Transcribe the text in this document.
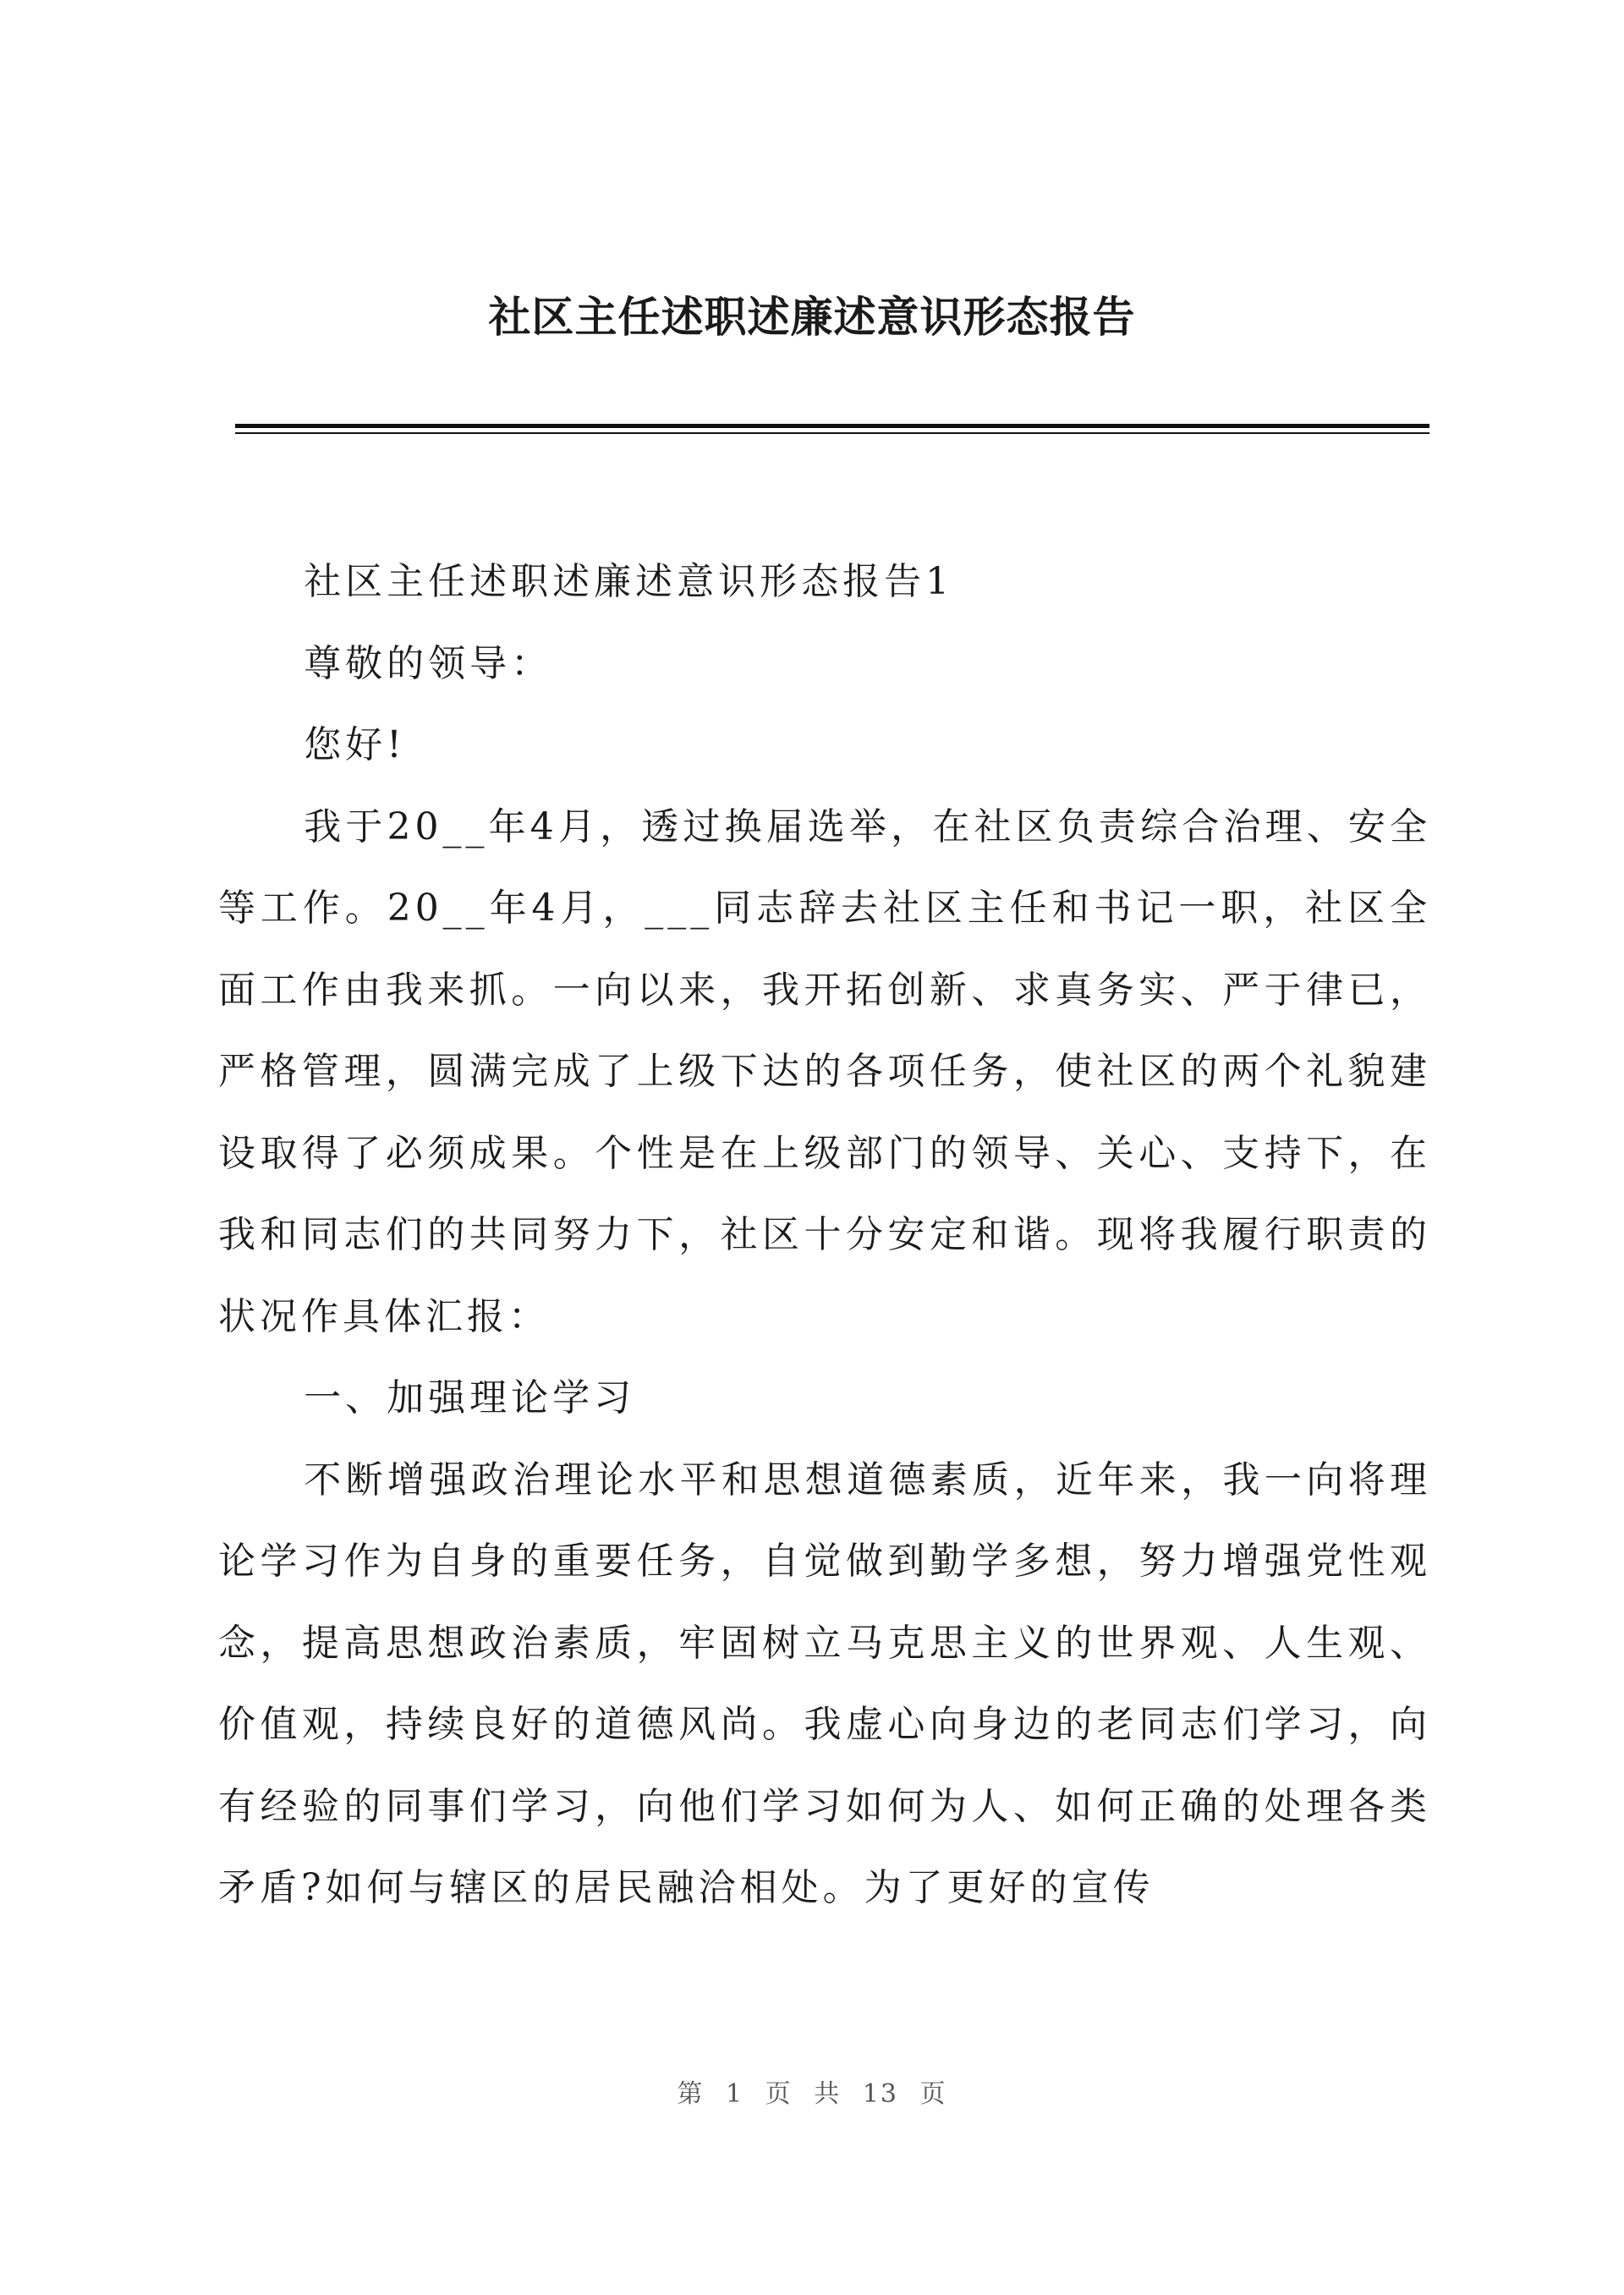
社区主任述职述廉述意识形态报告

社区主任述职述廉述意识形态报告1

尊敬的领导：

您好!

我于20__年4月，透过换届选举，在社区负责综合治理、安全等工作。20__年4月，___同志辞去社区主任和书记一职，社区全面工作由我来抓。一向以来，我开拓创新、求真务实、严于律已，严格管理，圆满完成了上级下达的各项任务，使社区的两个礼貌建设取得了必须成果。个性是在上级部门的领导、关心、支持下，在我和同志们的共同努力下，社区十分安定和谐。现将我履行职责的状况作具体汇报：

一、加强理论学习

不断增强政治理论水平和思想道德素质，近年来，我一向将理论学习作为自身的重要任务，自觉做到勤学多想，努力增强党性观念，提高思想政治素质，牢固树立马克思主义的世界观、人生观、价值观，持续良好的道德风尚。我虚心向身边的老同志们学习，向有经验的同事们学习，向他们学习如何为人、如何正确的处理各类矛盾?如何与辖区的居民融洽相处。为了更好的宣传

第 1 页 共 13 页
